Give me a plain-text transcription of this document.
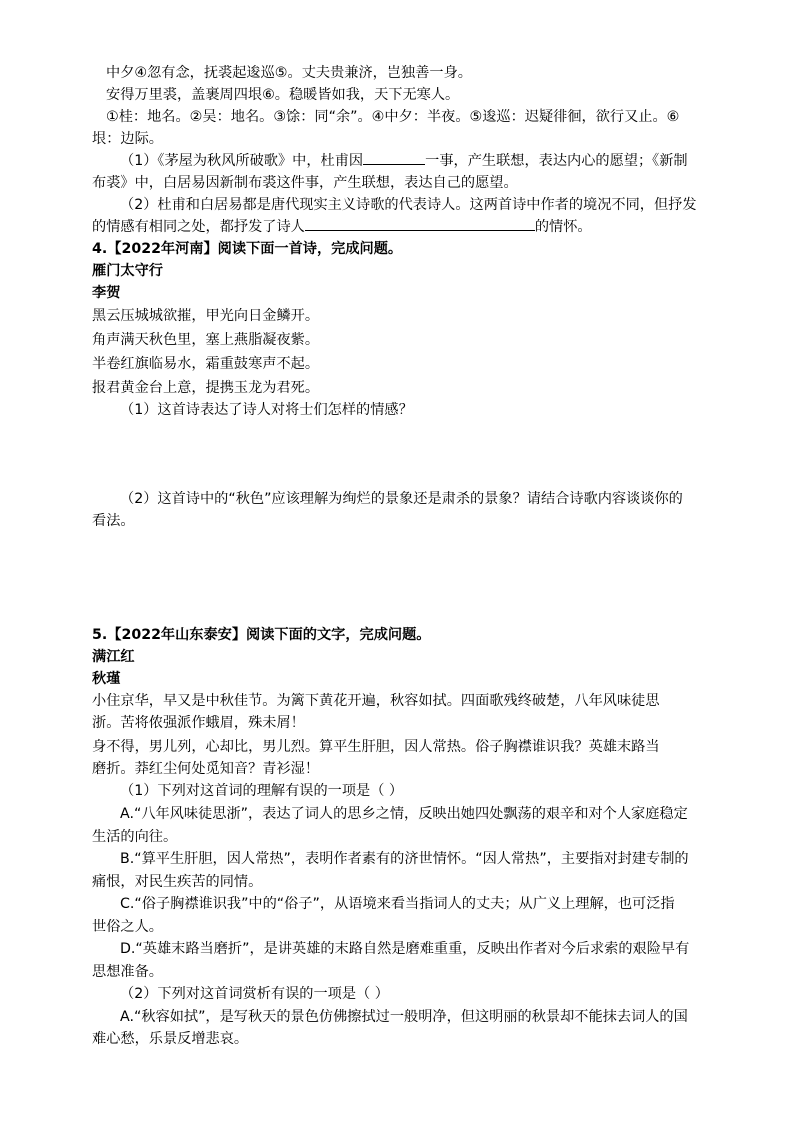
中夕④忽有念，抚裘起逡巡⑤。丈夫贵兼济，岂独善一身。
安得万里裘，盖裹周四垠⑥。稳暖皆如我，天下无寒人。
①桂：地名。②吴：地名。③馀：同“余”。④中夕：半夜。⑤逡巡：迟疑徘徊，欲行又止。⑥
垠：边际。
（1）《茅屋为秋风所破歌》中，杜甫因	一事，产生联想，表达内心的愿望；《新制
布裘》中，白居易因新制布裘这件事，产生联想，表达自己的愿望。
（2）杜甫和白居易都是唐代现实主义诗歌的代表诗人。这两首诗中作者的境况不同，但抒发
的情感有相同之处，都抒发了诗人	的情怀。
4.【2022年河南】阅读下面一首诗，完成问题。
雁门太守行
李贺
黑云压城城欲摧，甲光向日金鳞开。
角声满天秋色里，塞上燕脂凝夜紫。
半卷红旗临易水，霜重鼓寒声不起。
报君黄金台上意，提携玉龙为君死。
（1）这首诗表达了诗人对将士们怎样的情感？
（2）这首诗中的“秋色”应该理解为绚烂的景象还是肃杀的景象？请结合诗歌内容谈谈你的
看法。
5.【2022年山东泰安】阅读下面的文字，完成问题。
满江红
秋瑾
小住京华，早又是中秋佳节。为篱下黄花开遍，秋容如拭。四面歌残终破楚，八年风味徒思
浙。苦将侬强派作蛾眉，殊未屑！
身不得，男儿列，心却比，男儿烈。算平生肝胆，因人常热。俗子胸襟谁识我？英雄末路当
磨折。莽红尘何处觅知音？青衫湿！
（1）下列对这首词的理解有误的一项是（ ）
A.“八年风味徒思浙”，表达了词人的思乡之情，反映出她四处飘荡的艰辛和对个人家庭稳定
生活的向往。
B.“算平生肝胆，因人常热”，表明作者素有的济世情怀。“因人常热”，主要指对封建专制的
痛恨，对民生疾苦的同情。
C.“俗子胸襟谁识我”中的“俗子”，从语境来看当指词人的丈夫；从广义上理解，也可泛指
世俗之人。
D.“英雄末路当磨折”，是讲英雄的末路自然是磨难重重，反映出作者对今后求索的艰险早有
思想准备。
（2）下列对这首词赏析有误的一项是（ ）
A.“秋容如拭”，是写秋天的景色仿佛擦拭过一般明净，但这明丽的秋景却不能抹去词人的国
难心愁，乐景反增悲哀。
